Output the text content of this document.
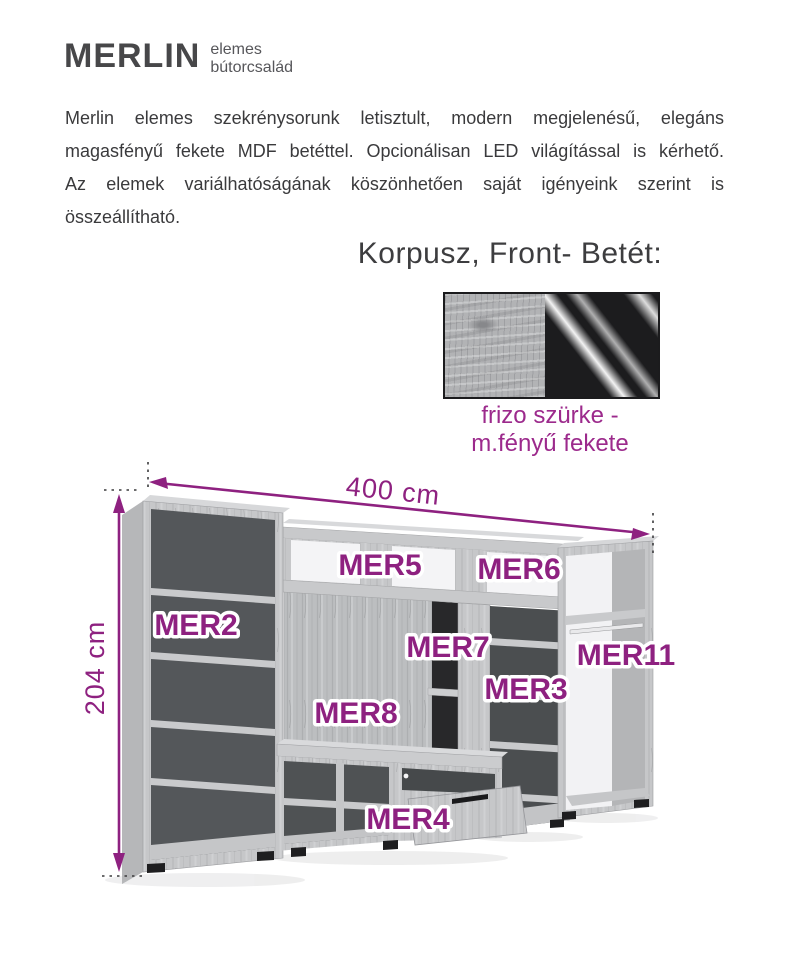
MERLIN elemes
bútorcsalád
Merlin elemes szekrénysorunk letisztult, modern megjelenésű, elegáns
magasfényű fekete MDF betéttel. Opcionálisan LED világítással is kérhető.
Az elemek variálhatóságának köszönhetően saját igényeink szerint is
összeállítható.
Korpusz, Front- Betét:
frizo szürke -
m.fényű fekete
400 cm
204 cm MER2
MER5 MER6
MER7
MER3
MER8
MER4
MER11
